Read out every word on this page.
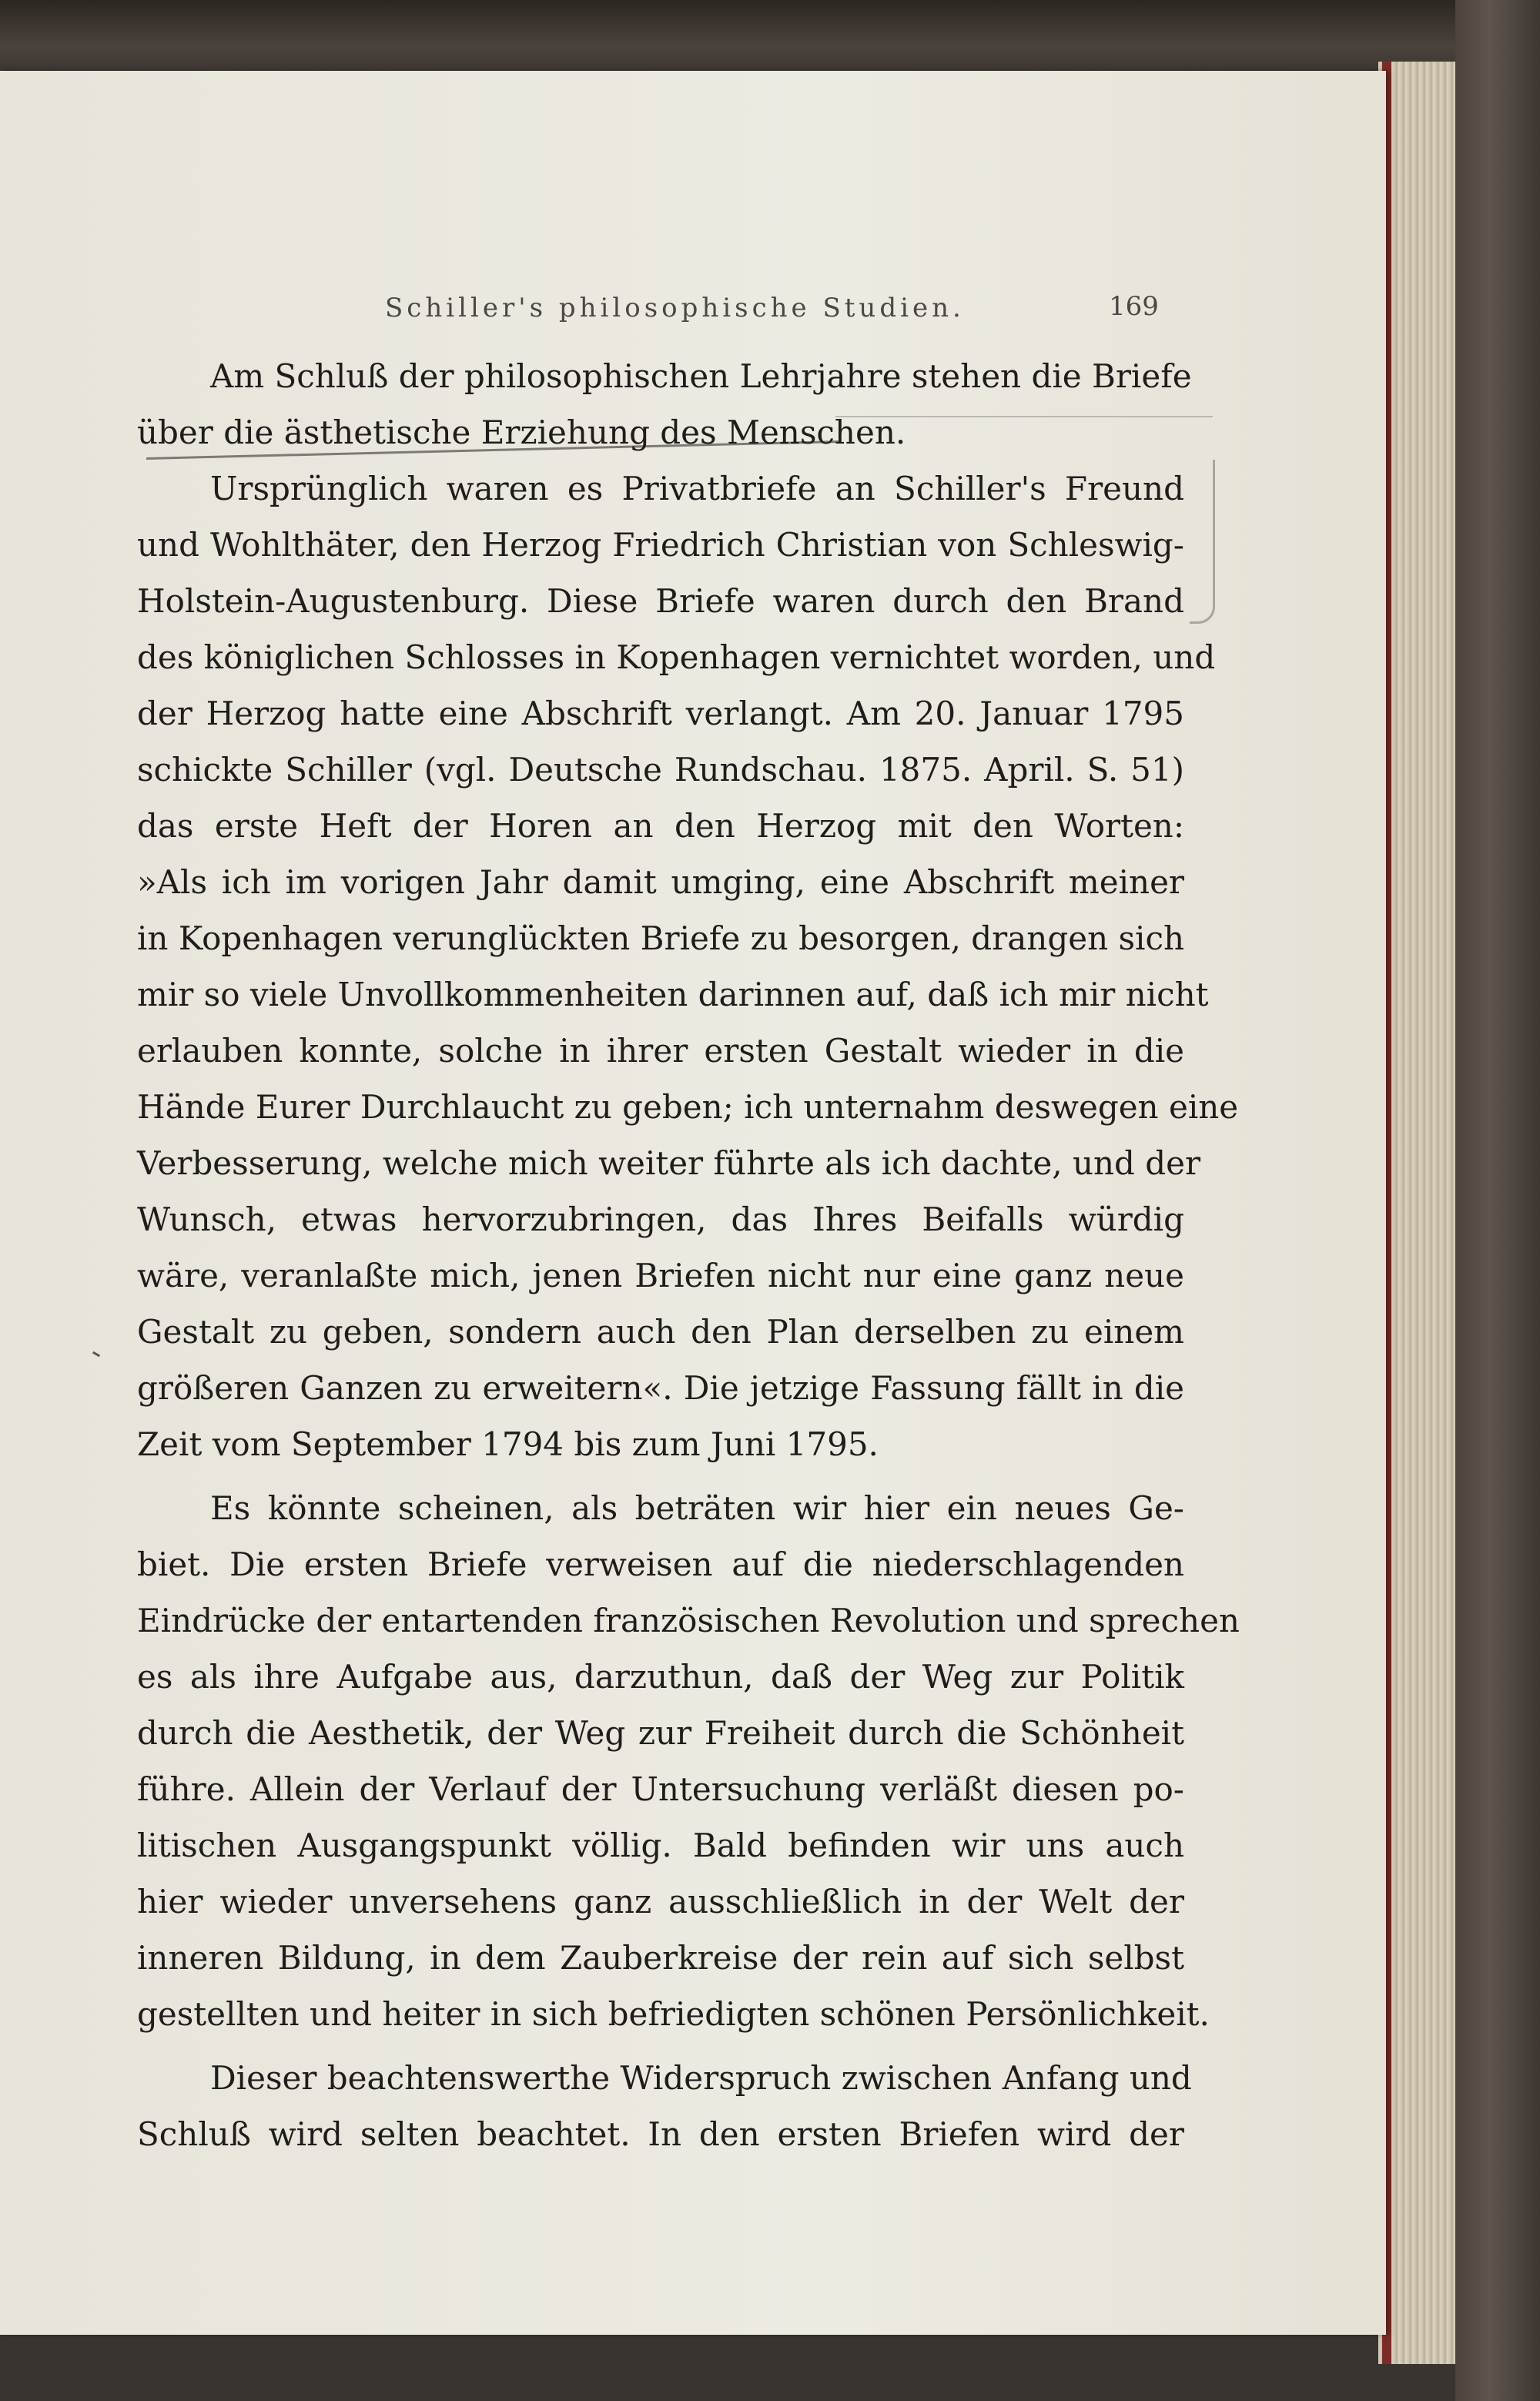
Schiller's philosophische Studien.	169
Am Schluß der philosophischen Lehrjahre stehen die Briefe
über die ästhetische Erziehung des Menschen.
Ursprünglich waren es Privatbriefe an Schiller's Freund
und Wohlthäter, den Herzog Friedrich Christian von Schleswig-
Holstein-Augustenburg. Diese Briefe waren durch den Brand
des königlichen Schlosses in Kopenhagen vernichtet worden, und
der Herzog hatte eine Abschrift verlangt. Am 20. Januar 1795
schickte Schiller (vgl. Deutsche Rundschau. 1875. April. S. 51)
das erste Heft der Horen an den Herzog mit den Worten:
»Als ich im vorigen Jahr damit umging, eine Abschrift meiner
in Kopenhagen verunglückten Briefe zu besorgen, drangen sich
mir so viele Unvollkommenheiten darinnen auf, daß ich mir nicht
erlauben konnte, solche in ihrer ersten Gestalt wieder in die
Hände Eurer Durchlaucht zu geben; ich unternahm deswegen eine
Verbesserung, welche mich weiter führte als ich dachte, und der
Wunsch, etwas hervorzubringen, das Ihres Beifalls würdig
wäre, veranlaßte mich, jenen Briefen nicht nur eine ganz neue
Gestalt zu geben, sondern auch den Plan derselben zu einem
größeren Ganzen zu erweitern«. Die jetzige Fassung fällt in die
Zeit vom September 1794 bis zum Juni 1795.
Es könnte scheinen, als beträten wir hier ein neues Ge-
biet. Die ersten Briefe verweisen auf die niederschlagenden
Eindrücke der entartenden französischen Revolution und sprechen
es als ihre Aufgabe aus, darzuthun, daß der Weg zur Politik
durch die Aesthetik, der Weg zur Freiheit durch die Schönheit
führe. Allein der Verlauf der Untersuchung verläßt diesen po-
litischen Ausgangspunkt völlig. Bald befinden wir uns auch
hier wieder unversehens ganz ausschließlich in der Welt der
inneren Bildung, in dem Zauberkreise der rein auf sich selbst
gestellten und heiter in sich befriedigten schönen Persönlichkeit.
Dieser beachtenswerthe Widerspruch zwischen Anfang und
Schluß wird selten beachtet. In den ersten Briefen wird der
